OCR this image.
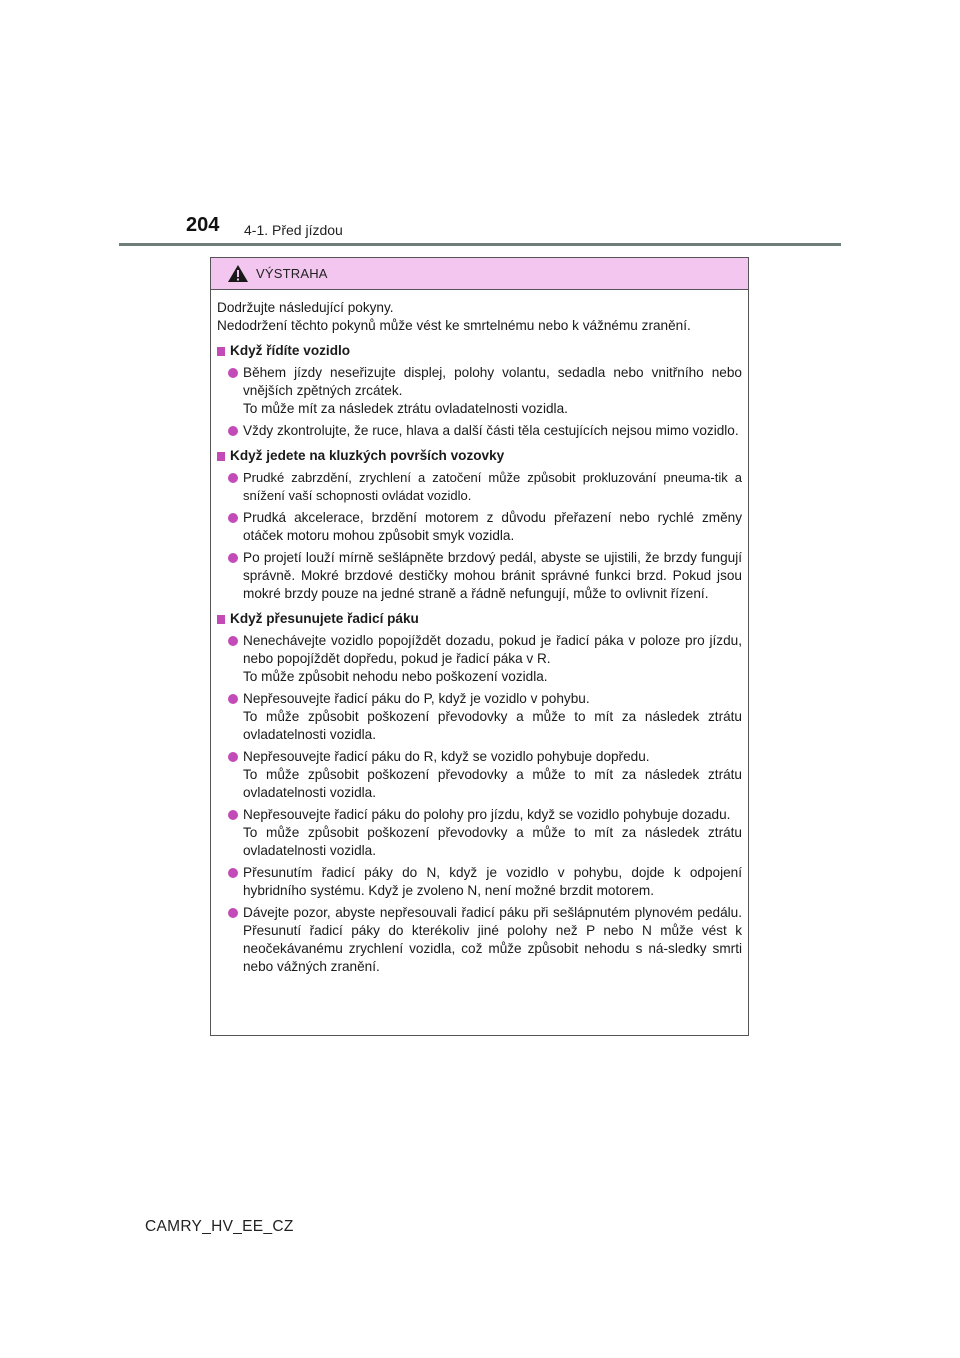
204 4-1. Před jízdou
VÝSTRAHA

Dodržujte následující pokyny.

Nedodržení těchto pokynů může vést ke smrtelnému nebo k vážnému zranění.

Když řídíte vozidlo

Během jízdy neseřizujte displej, polohy volantu, sedadla nebo vnitřního nebo vnějších zpětných zrcátek.

To může mít za následek ztrátu ovladatelnosti vozidla.

Vždy zkontrolujte, že ruce, hlava a další části těla cestujících nejsou mimo vozidlo.

Když jedete na kluzkých površích vozovky

Prudké zabrzdění, zrychlení a zatočení může způsobit prokluzování pneuma-tik a snížení vaší schopnosti ovládat vozidlo.

Prudká akcelerace, brzdění motorem z důvodu přeřazení nebo rychlé změny otáček motoru mohou způsobit smyk vozidla.

Po projetí louží mírně sešlápněte brzdový pedál, abyste se ujistili, že brzdy fungují správně. Mokré brzdové destičky mohou bránit správné funkci brzd. Pokud jsou mokré brzdy pouze na jedné straně a řádně nefungují, může to ovlivnit řízení.

Když přesunujete řadicí páku

Nenechávejte vozidlo popojíždět dozadu, pokud je řadicí páka v poloze pro jízdu, nebo popojíždět dopředu, pokud je řadicí páka v R.

To může způsobit nehodu nebo poškození vozidla.

Nepřesouvejte řadicí páku do P, když je vozidlo v pohybu.

To může způsobit poškození převodovky a může to mít za následek ztrátu ovladatelnosti vozidla.

Nepřesouvejte řadicí páku do R, když se vozidlo pohybuje dopředu.

To může způsobit poškození převodovky a může to mít za následek ztrátu ovladatelnosti vozidla.

Nepřesouvejte řadicí páku do polohy pro jízdu, když se vozidlo pohybuje dozadu.

To může způsobit poškození převodovky a může to mít za následek ztrátu ovladatelnosti vozidla.

Přesunutím řadicí páky do N, když je vozidlo v pohybu, dojde k odpojení hybridního systému. Když je zvoleno N, není možné brzdit motorem.

Dávejte pozor, abyste nepřesouvali řadicí páku při sešlápnutém plynovém pedálu. Přesunutí řadicí páky do kterékoliv jiné polohy než P nebo N může vést k neočekávanému zrychlení vozidla, což může způsobit nehodu s ná-sledky smrti nebo vážných zranění.

CAMRY_HV_EE_CZ
